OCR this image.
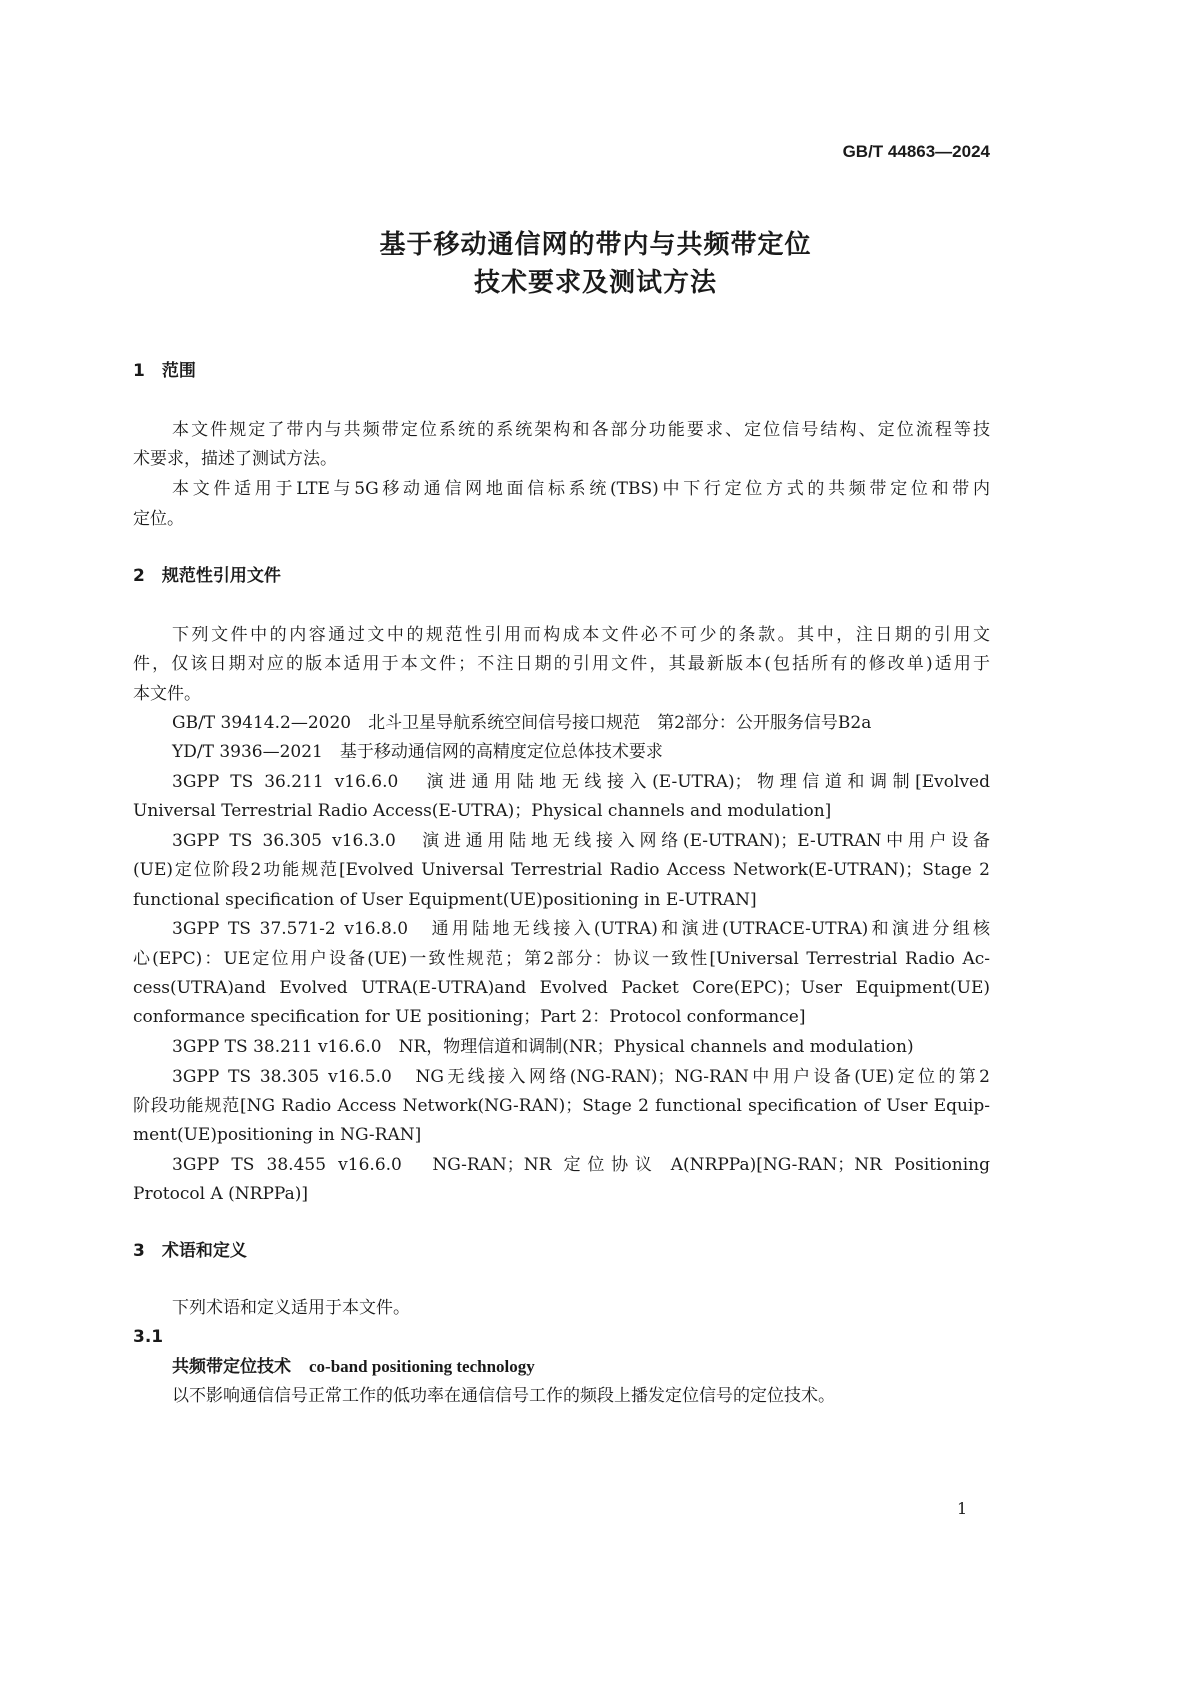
GB/T 44863—2024
基于移动通信网的带内与共频带定位
技术要求及测试方法
1　范围
本文件规定了带内与共频带定位系统的系统架构和各部分功能要求、定位信号结构、定位流程等技
术要求，描述了测试方法。
本文件适用于LTE与5G移动通信网地面信标系统(TBS)中下行定位方式的共频带定位和带内
定位。
2　规范性引用文件
下列文件中的内容通过文中的规范性引用而构成本文件必不可少的条款。其中，注日期的引用文
件，仅该日期对应的版本适用于本文件；不注日期的引用文件，其最新版本(包括所有的修改单)适用于
本文件。
GB/T 39414.2—2020　北斗卫星导航系统空间信号接口规范　第2部分：公开服务信号B2a
YD/T 3936—2021　基于移动通信网的高精度定位总体技术要求
3GPP TS 36.211 v16.6.0　演进通用陆地无线接入(E-UTRA)；物理信道和调制[Evolved
Universal Terrestrial Radio Access(E-UTRA)；Physical channels and modulation]
3GPP TS 36.305 v16.3.0　演进通用陆地无线接入网络(E-UTRAN)；E-UTRAN中用户设备
(UE)定位阶段2功能规范[Evolved Universal Terrestrial Radio Access Network(E-UTRAN)；Stage 2
functional specification of User Equipment(UE)positioning in E-UTRAN]
3GPP TS 37.571-2 v16.8.0　通用陆地无线接入(UTRA)和演进(UTRACE-UTRA)和演进分组核
心(EPC)：UE定位用户设备(UE)一致性规范；第2部分：协议一致性[Universal Terrestrial Radio Ac-
cess(UTRA)and Evolved UTRA(E-UTRA)and Evolved Packet Core(EPC)；User Equipment(UE)
conformance specification for UE positioning；Part 2：Protocol conformance]
3GPP TS 38.211 v16.6.0　NR，物理信道和调制(NR；Physical channels and modulation)
3GPP TS 38.305 v16.5.0　NG无线接入网络(NG-RAN)；NG-RAN中用户设备(UE)定位的第2
阶段功能规范[NG Radio Access Network(NG-RAN)；Stage 2 functional specification of User Equip-
ment(UE)positioning in NG-RAN]
3GPP TS 38.455 v16.6.0　NG-RAN；NR 定位协议 A(NRPPa)[NG-RAN；NR Positioning
Protocol A (NRPPa)]
3　术语和定义
下列术语和定义适用于本文件。
3.1
共频带定位技术 co-band positioning technology
以不影响通信信号正常工作的低功率在通信信号工作的频段上播发定位信号的定位技术。
1
